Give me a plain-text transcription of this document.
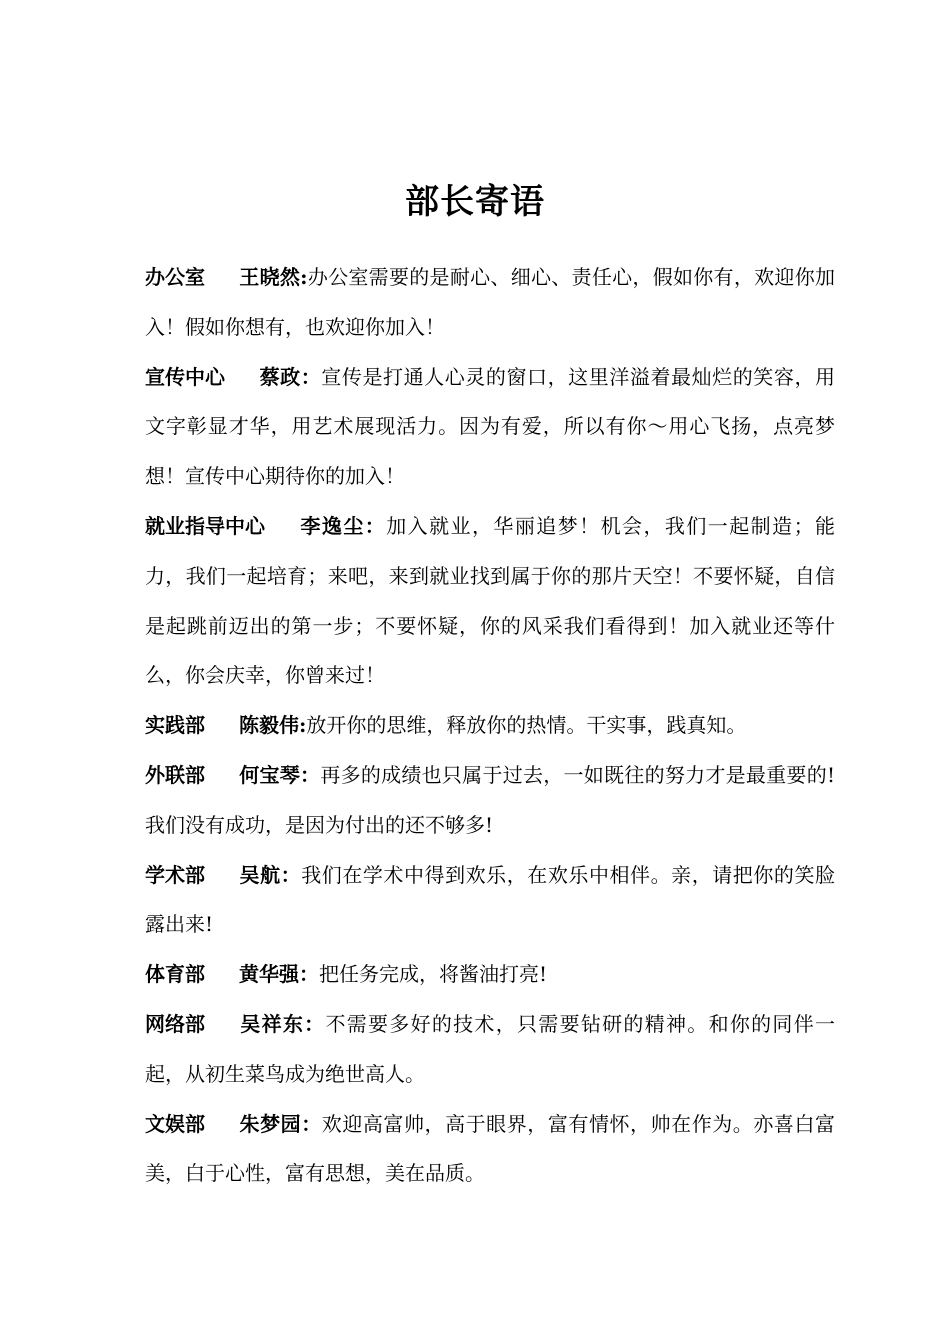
部长寄语

办公室 王晓然:办公室需要的是耐心、细心、责任心，假如你有，欢迎你加入！假如你想有，也欢迎你加入！

宣传中心 蔡政：宣传是打通人心灵的窗口，这里洋溢着最灿烂的笑容，用文字彰显才华，用艺术展现活力。因为有爱，所以有你～用心飞扬，点亮梦想！宣传中心期待你的加入！

就业指导中心 李逸尘：加入就业，华丽追梦！机会，我们一起制造；能力，我们一起培育；来吧，来到就业找到属于你的那片天空！不要怀疑，自信是起跳前迈出的第一步；不要怀疑，你的风采我们看得到！加入就业还等什么，你会庆幸，你曾来过！

实践部 陈毅伟:放开你的思维，释放你的热情。干实事，践真知。

外联部 何宝琴：再多的成绩也只属于过去，一如既往的努力才是最重要的!我们没有成功，是因为付出的还不够多!

学术部 吴航：我们在学术中得到欢乐，在欢乐中相伴。亲，请把你的笑脸露出来!

体育部 黄华强：把任务完成，将酱油打亮!

网络部 吴祥东：不需要多好的技术，只需要钻研的精神。和你的同伴一起，从初生菜鸟成为绝世高人。

文娱部 朱梦园：欢迎高富帅，高于眼界，富有情怀，帅在作为。亦喜白富美，白于心性，富有思想，美在品质。
